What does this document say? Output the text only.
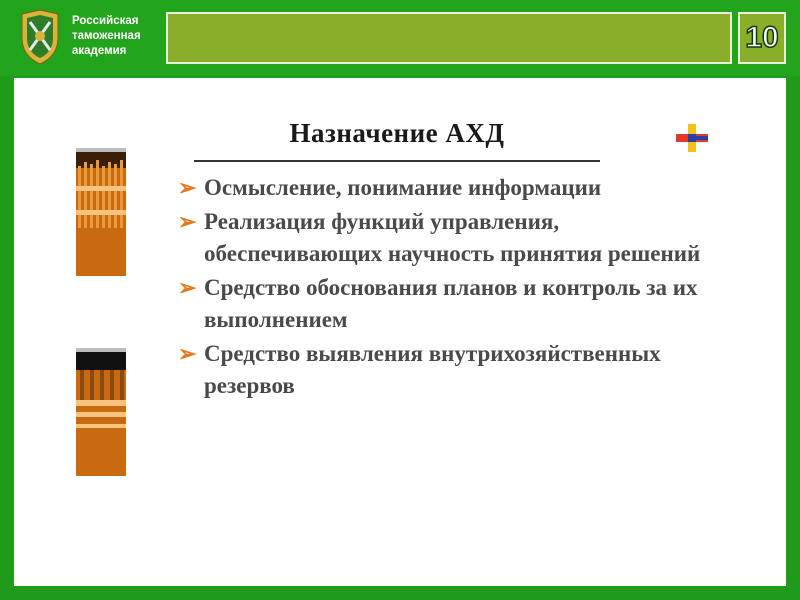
Российская
таможенная
академия	10
Назначение АХД
➢ Осмысление, понимание информации
➢ Реализация функций управления, обеспечивающих научность принятия решений
➢ Средство обоснования планов и контроль за их выполнением
➢ Средство выявления внутрихозяйственных резервов
